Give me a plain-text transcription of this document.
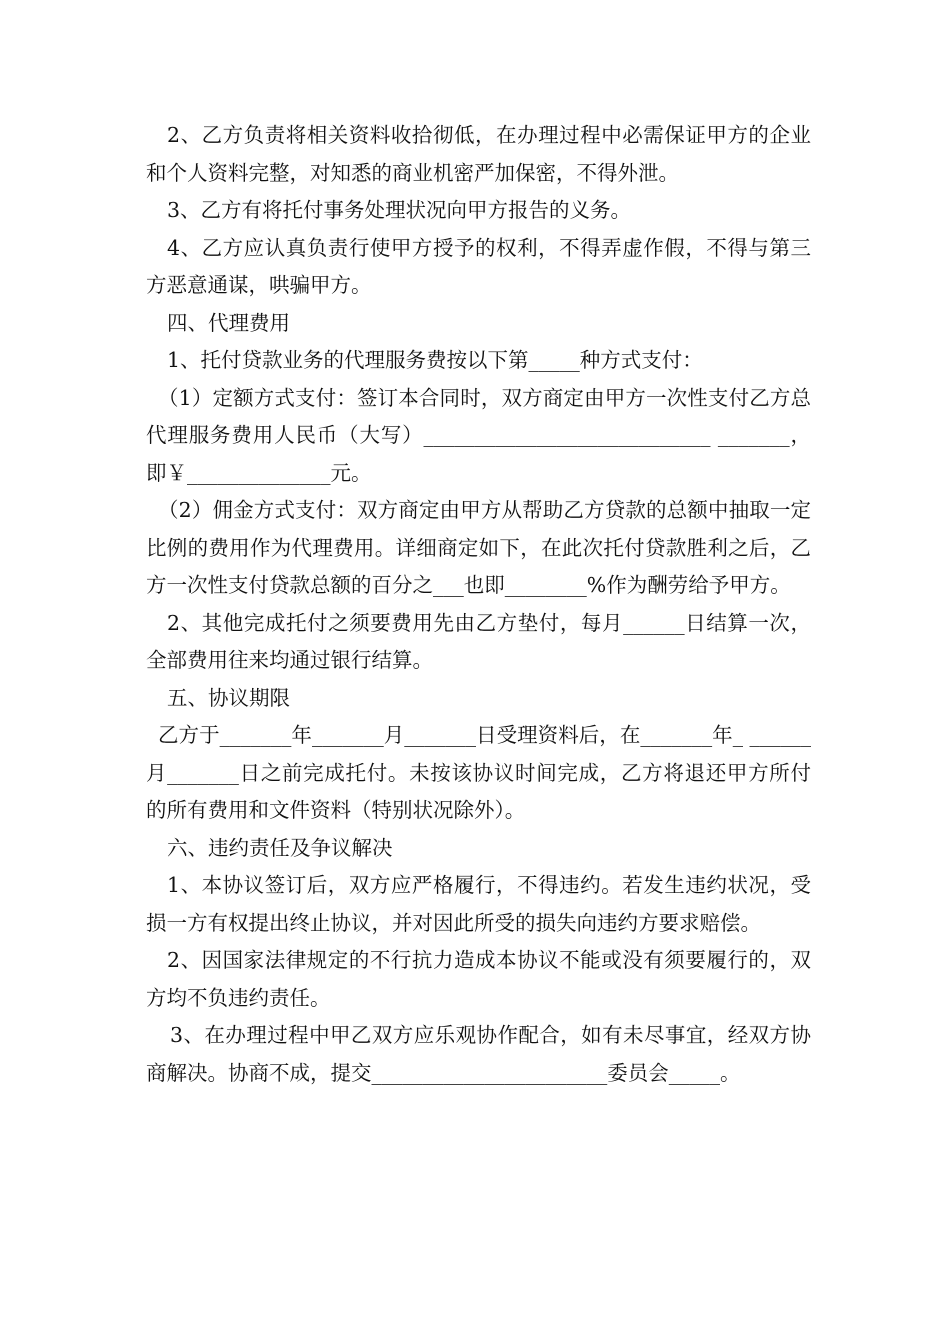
2、乙方负责将相关资料收拾彻低，在办理过程中必需保证甲方的企业和个人资料完整，对知悉的商业机密严加保密，不得外泄。

3、乙方有将托付事务处理状况向甲方报告的义务。

4、乙方应认真负责行使甲方授予的权利，不得弄虚作假，不得与第三方恶意通谋，哄骗甲方。

四、代理费用

1、托付贷款业务的代理服务费按以下第_____种方式支付：

（1）定额方式支付：签订本合同时，双方商定由甲方一次性支付乙方总代理服务费用人民币（大写）____________________________ _______，即￥______________元。

（2）佣金方式支付：双方商定由甲方从帮助乙方贷款的总额中抽取一定比例的费用作为代理费用。详细商定如下，在此次托付贷款胜利之后，乙方一次性支付贷款总额的百分之___也即________%作为酬劳给予甲方。

2、其他完成托付之须要费用先由乙方垫付，每月______日结算一次，全部费用往来均通过银行结算。

五、协议期限

乙方于_______年_______月_______日受理资料后，在_______年_ ______月_______日之前完成托付。未按该协议时间完成，乙方将退还甲方所付的所有费用和文件资料（特别状况除外）。

六、违约责任及争议解决

1、本协议签订后，双方应严格履行，不得违约。若发生违约状况，受损一方有权提出终止协议，并对因此所受的损失向违约方要求赔偿。

2、因国家法律规定的不行抗力造成本协议不能或没有须要履行的，双方均不负违约责任。

3、在办理过程中甲乙双方应乐观协作配合，如有未尽事宜，经双方协商解决。协商不成，提交_______________________委员会_____。
